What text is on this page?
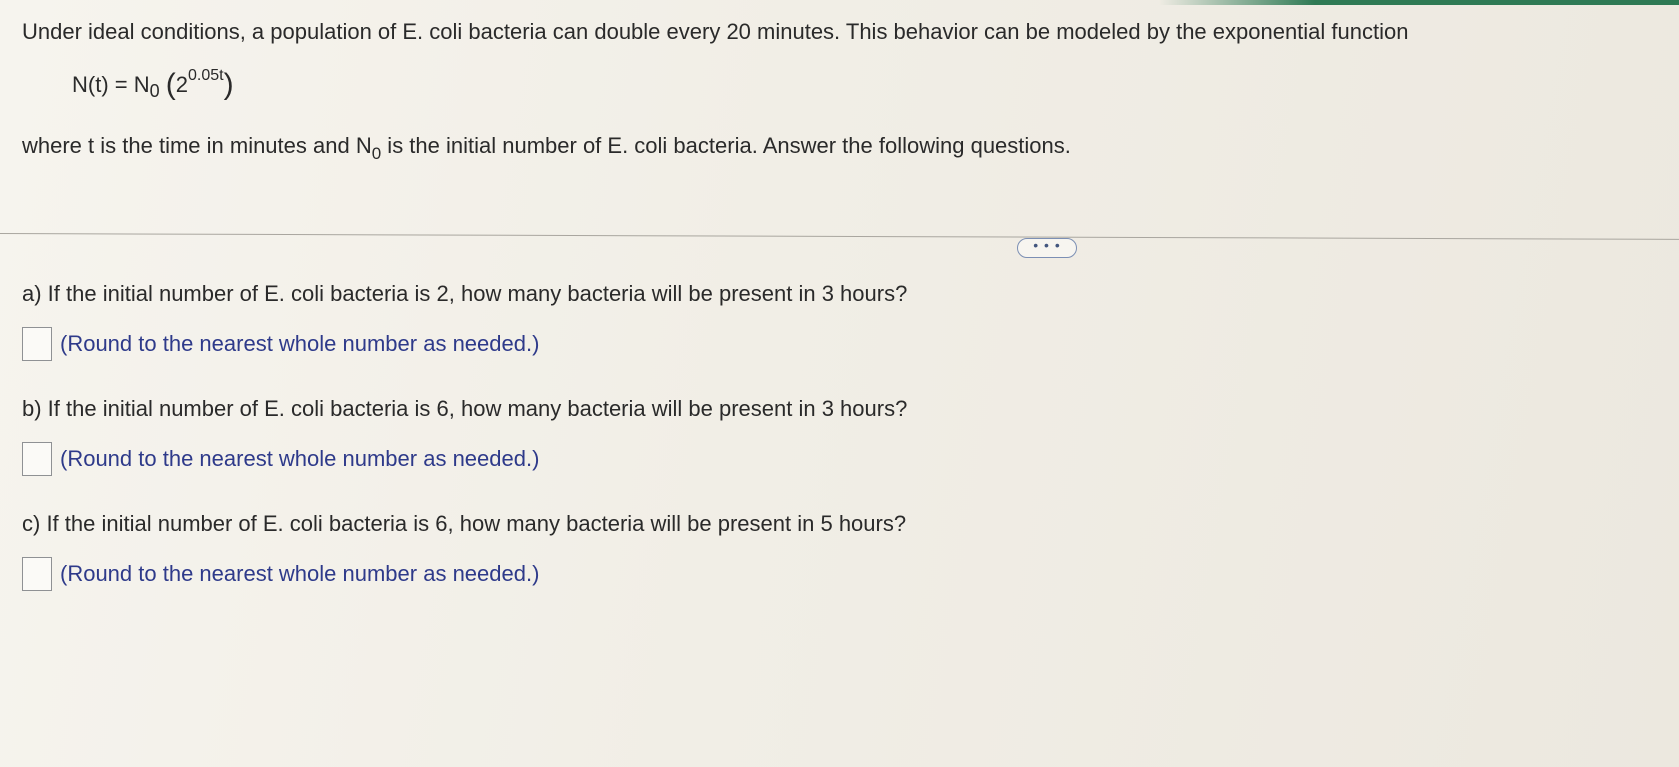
Under ideal conditions, a population of E. coli bacteria can double every 20 minutes. This behavior can be modeled by the exponential function

$N(t) = N_0$ $(2^{0.05t})$

where t is the time in minutes and $N_0$ is the initial number of E. coli bacteria. Answer the following questions.

• • •

a) If the initial number of E. coli bacteria is 2, how many bacteria will be present in 3 hours?

(Round to the nearest whole number as needed.)

b) If the initial number of E. coli bacteria is 6, how many bacteria will be present in 3 hours?

(Round to the nearest whole number as needed.)

c) If the initial number of E. coli bacteria is 6, how many bacteria will be present in 5 hours?

(Round to the nearest whole number as needed.)
